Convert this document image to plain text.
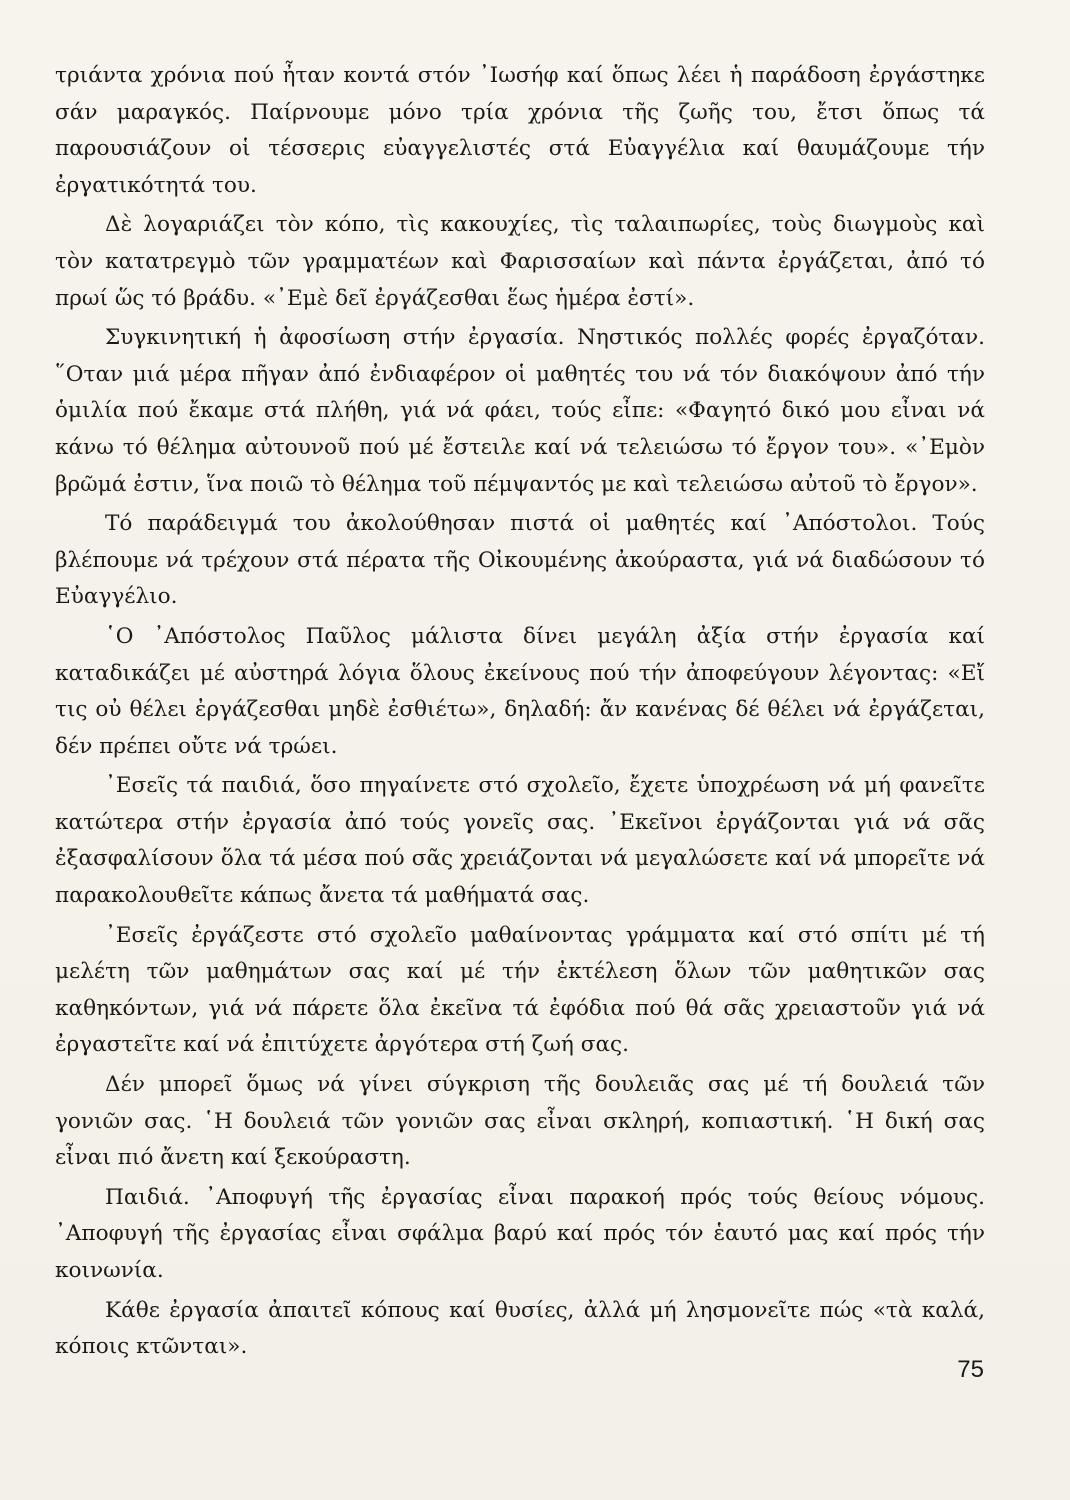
τριάντα χρόνια πού ἦταν κοντά στόν ᾿Ιωσήφ καί ὅπως λέει ἡ παράδοση ἐργάστηκε σάν μαραγκός. Παίρνουμε μόνο τρία χρόνια τῆς ζωῆς του, ἔτσι ὅπως τά παρουσιάζουν οἱ τέσσερις εὐαγγελιστές στά Εὐαγγέλια καί θαυμάζουμε τήν ἐργατικότητά του.

Δὲ λογαριάζει τὸν κόπο, τὶς κακουχίες, τὶς ταλαιπωρίες, τοὺς διωγμοὺς καὶ τὸν κατατρεγμὸ τῶν γραμματέων καὶ Φαρισσαίων καὶ πάντα ἐργάζεται, ἀπό τό πρωί ὥς τό βράδυ. «᾿Εμὲ δεῖ ἐργάζεσθαι ἕως ἡμέρα ἐστί».

Συγκινητική ἡ ἀφοσίωση στήν ἐργασία. Νηστικός πολλές φορές ἐργαζόταν. ῞Οταν μιά μέρα πῆγαν ἀπό ἐνδιαφέρον οἱ μαθητές του νά τόν διακόψουν ἀπό τήν ὁμιλία πού ἔκαμε στά πλήθη, γιά νά φάει, τούς εἶπε: «Φαγητό δικό μου εἶναι νά κάνω τό θέλημα αὐτουνοῦ πού μέ ἔστειλε καί νά τελειώσω τό ἔργον του». «᾿Εμὸν βρῶμά ἐστιν, ἵνα ποιῶ τὸ θέλημα τοῦ πέμψαντός με καὶ τελειώσω αὐτοῦ τὸ ἔργον».

Τό παράδειγμά του ἀκολούθησαν πιστά οἱ μαθητές καί ᾿Απόστολοι. Τούς βλέπουμε νά τρέχουν στά πέρατα τῆς Οἰκουμένης ἀκούραστα, γιά νά διαδώσουν τό Εὐαγγέλιο.

῾Ο ᾿Απόστολος Παῦλος μάλιστα δίνει μεγάλη ἀξία στήν ἐργασία καί καταδικάζει μέ αὐστηρά λόγια ὅλους ἐκείνους πού τήν ἀποφεύγουν λέγοντας: «Εἴ τις οὐ θέλει ἐργάζεσθαι μηδὲ ἐσθιέτω», δηλαδή: ἄν κανένας δέ θέλει νά ἐργάζεται, δέν πρέπει οὔτε νά τρώει.

᾿Εσεῖς τά παιδιά, ὅσο πηγαίνετε στό σχολεῖο, ἔχετε ὑποχρέωση νά μή φανεῖτε κατώτερα στήν ἐργασία ἀπό τούς γονεῖς σας. ᾿Εκεῖνοι ἐργάζονται γιά νά σᾶς ἐξασφαλίσουν ὅλα τά μέσα πού σᾶς χρειάζονται νά μεγαλώσετε καί νά μπορεῖτε νά παρακολουθεῖτε κάπως ἄνετα τά μαθήματά σας.

᾿Εσεῖς ἐργάζεστε στό σχολεῖο μαθαίνοντας γράμματα καί στό σπίτι μέ τή μελέτη τῶν μαθημάτων σας καί μέ τήν ἐκτέλεση ὅλων τῶν μαθητικῶν σας καθηκόντων, γιά νά πάρετε ὅλα ἐκεῖνα τά ἐφόδια πού θά σᾶς χρειαστοῦν γιά νά ἐργαστεῖτε καί νά ἐπιτύχετε ἀργότερα στή ζωή σας.

Δέν μπορεῖ ὅμως νά γίνει σύγκριση τῆς δουλειᾶς σας μέ τή δουλειά τῶν γονιῶν σας. ῾Η δουλειά τῶν γονιῶν σας εἶναι σκληρή, κοπιαστική. ῾Η δική σας εἶναι πιό ἄνετη καί ξεκούραστη.

Παιδιά. ᾿Αποφυγή τῆς ἐργασίας εἶναι παρακοή πρός τούς θείους νόμους. ᾿Αποφυγή τῆς ἐργασίας εἶναι σφάλμα βαρύ καί πρός τόν ἑαυτό μας καί πρός τήν κοινωνία.

Κάθε ἐργασία ἀπαιτεῖ κόπους καί θυσίες, ἀλλά μή λησμονεῖτε πώς «τὰ καλά, κόποις κτῶνται».

75
